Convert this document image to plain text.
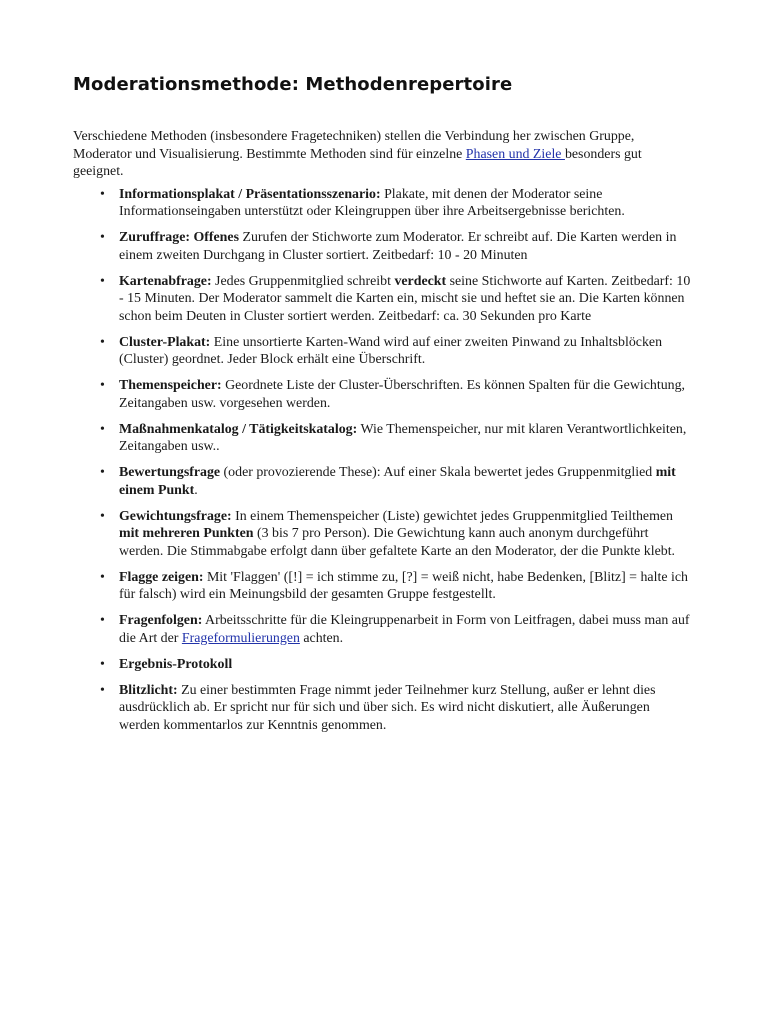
Moderationsmethode: Methodenrepertoire

Verschiedene Methoden (insbesondere Fragetechniken) stellen die Verbindung her zwischen Gruppe, Moderator und Visualisierung. Bestimmte Methoden sind für einzelne Phasen und Ziele besonders gut geeignet.

• Informationsplakat / Präsentationsszenario: Plakate, mit denen der Moderator seine Informationseingaben unterstützt oder Kleingruppen über ihre Arbeitsergebnisse berichten.
• Zuruffrage: Offenes Zurufen der Stichworte zum Moderator. Er schreibt auf. Die Karten werden in einem zweiten Durchgang in Cluster sortiert. Zeitbedarf: 10 - 20 Minuten
• Kartenabfrage: Jedes Gruppenmitglied schreibt verdeckt seine Stichworte auf Karten. Zeitbedarf: 10 - 15 Minuten. Der Moderator sammelt die Karten ein, mischt sie und heftet sie an. Die Karten können schon beim Deuten in Cluster sortiert werden. Zeitbedarf: ca. 30 Sekunden pro Karte
• Cluster-Plakat: Eine unsortierte Karten-Wand wird auf einer zweiten Pinwand zu Inhaltsblöcken (Cluster) geordnet. Jeder Block erhält eine Überschrift.
• Themenspeicher: Geordnete Liste der Cluster-Überschriften. Es können Spalten für die Gewichtung, Zeitangaben usw. vorgesehen werden.
• Maßnahmenkatalog / Tätigkeitskatalog: Wie Themenspeicher, nur mit klaren Verantwortlichkeiten, Zeitangaben usw..
• Bewertungsfrage (oder provozierende These): Auf einer Skala bewertet jedes Gruppenmitglied mit einem Punkt.
• Gewichtungsfrage: In einem Themenspeicher (Liste) gewichtet jedes Gruppenmitglied Teilthemen mit mehreren Punkten (3 bis 7 pro Person). Die Gewichtung kann auch anonym durchgeführt werden. Die Stimmabgabe erfolgt dann über gefaltete Karte an den Moderator, der die Punkte klebt.
• Flagge zeigen: Mit 'Flaggen' ([!] = ich stimme zu, [?] = weiß nicht, habe Bedenken, [Blitz] = halte ich für falsch) wird ein Meinungsbild der gesamten Gruppe festgestellt.
• Fragenfolgen: Arbeitsschritte für die Kleingruppenarbeit in Form von Leitfragen, dabei muss man auf die Art der Frageformulierungen achten.
• Ergebnis-Protokoll
• Blitzlicht: Zu einer bestimmten Frage nimmt jeder Teilnehmer kurz Stellung, außer er lehnt dies ausdrücklich ab. Er spricht nur für sich und über sich. Es wird nicht diskutiert, alle Äußerungen werden kommentarlos zur Kenntnis genommen.
